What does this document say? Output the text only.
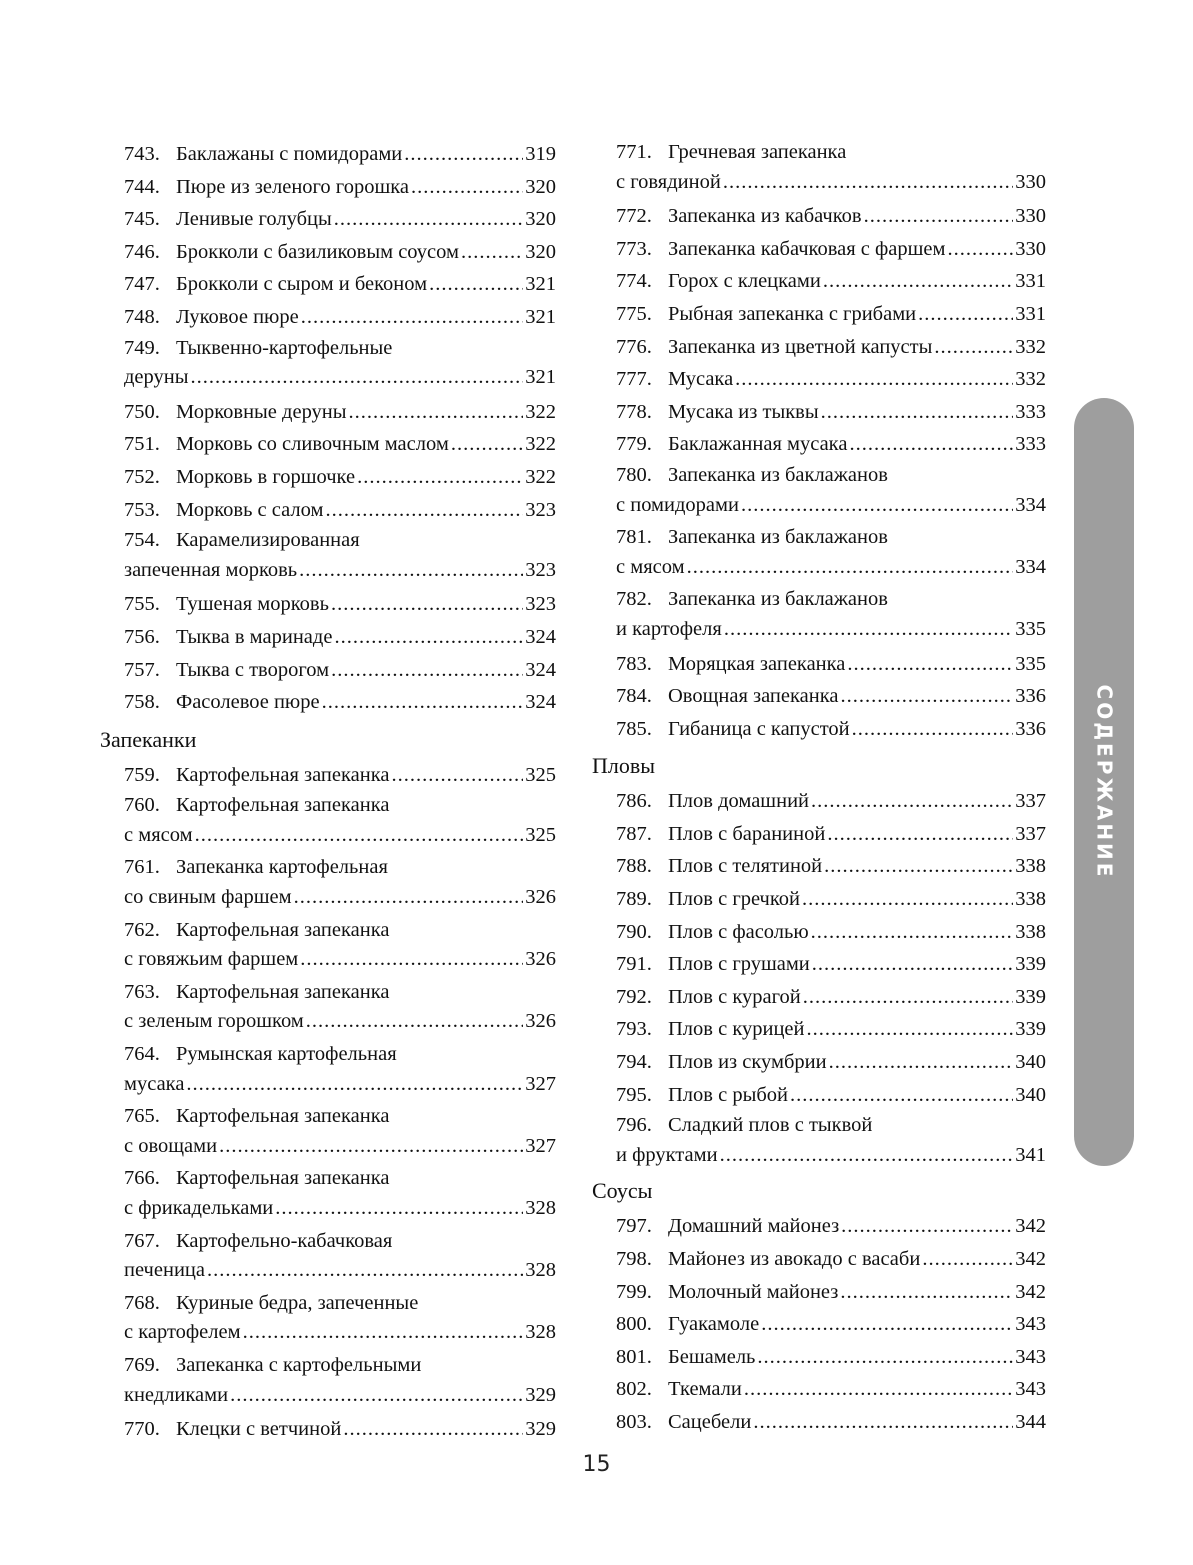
743. Баклажаны с помидорами .....	319
744. Пюре из зеленого горошка .....	320
745. Ленивые голубцы .....	320
746. Брокколи с базиликовым соусом .....	320
747. Брокколи с сыром и беконом .....	321
748. Луковое пюре .....	321
749. Тыквенно-картофельные
деруны .....	321
750. Морковные деруны .....	322
751. Морковь со сливочным маслом .....	322
752. Морковь в горшочке .....	322
753. Морковь с салом .....	323
754. Карамелизированная
запеченная морковь .....	323
755. Тушеная морковь .....	323
756. Тыква в маринаде .....	324
757. Тыква с творогом .....	324
758. Фасолевое пюре .....	324
Запеканки
759. Картофельная запеканка .....	325
760. Картофельная запеканка
с мясом .....	325
761. Запеканка картофельная
со свиным фаршем .....	326
762. Картофельная запеканка
с говяжьим фаршем .....	326
763. Картофельная запеканка
с зеленым горошком .....	326
764. Румынская картофельная
мусака .....	327
765. Картофельная запеканка
с овощами .....	327
766. Картофельная запеканка
с фрикадельками .....	328
767. Картофельно-кабачковая
печеница .....	328
768. Куриные бедра, запеченные
с картофелем .....	328
769. Запеканка с картофельными
кнедликами .....	329
770. Клецки с ветчиной .....	329
771. Гречневая запеканка
с говядиной .....	330
772. Запеканка из кабачков .....	330
773. Запеканка кабачковая с фаршем .....	330
774. Горох с клецками .....	331
775. Рыбная запеканка с грибами .....	331
776. Запеканка из цветной капусты .....	332
777. Мусака .....	332
778. Мусака из тыквы .....	333
779. Баклажанная мусака .....	333
780. Запеканка из баклажанов
с помидорами .....	334
781. Запеканка из баклажанов
с мясом .....	334
782. Запеканка из баклажанов
и картофеля .....	335
783. Моряцкая запеканка .....	335
784. Овощная запеканка .....	336
785. Гибаница с капустой .....	336
Пловы
786. Плов домашний .....	337
787. Плов с бараниной .....	337
788. Плов с телятиной .....	338
789. Плов с гречкой .....	338
790. Плов с фасолью .....	338
791. Плов с грушами .....	339
792. Плов с курагой .....	339
793. Плов с курицей .....	339
794. Плов из скумбрии .....	340
795. Плов с рыбой .....	340
796. Сладкий плов с тыквой
и фруктами .....	341
Соусы
797. Домашний майонез .....	342
798. Майонез из авокадо с васаби .....	342
799. Молочный майонез .....	342
800. Гуакамоле .....	343
801. Бешамель .....	343
802. Ткемали .....	343
803. Сацебели .....	344
СОДЕРЖАНИЕ
15
